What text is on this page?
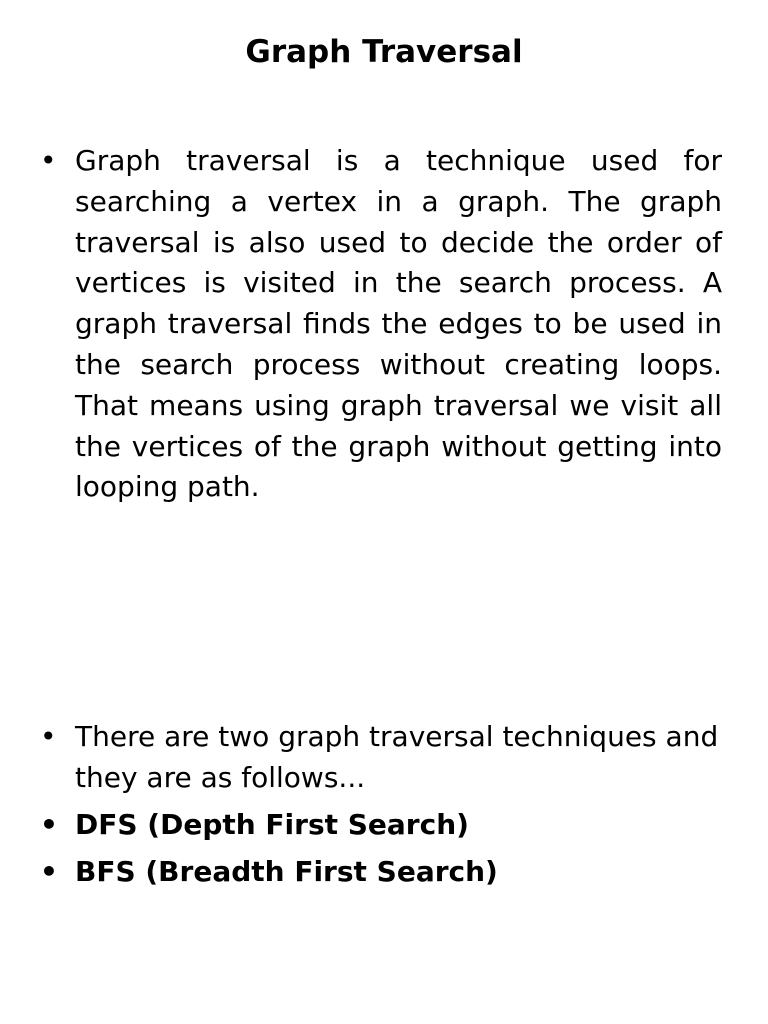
Graph Traversal
• Graph traversal is a technique used for searching a vertex in a graph. The graph traversal is also used to decide the order of vertices is visited in the search process. A graph traversal finds the edges to be used in the search process without creating loops. That means using graph traversal we visit all the vertices of the graph without getting into looping path.
• There are two graph traversal techniques and they are as follows...
• DFS (Depth First Search)
• BFS (Breadth First Search)
